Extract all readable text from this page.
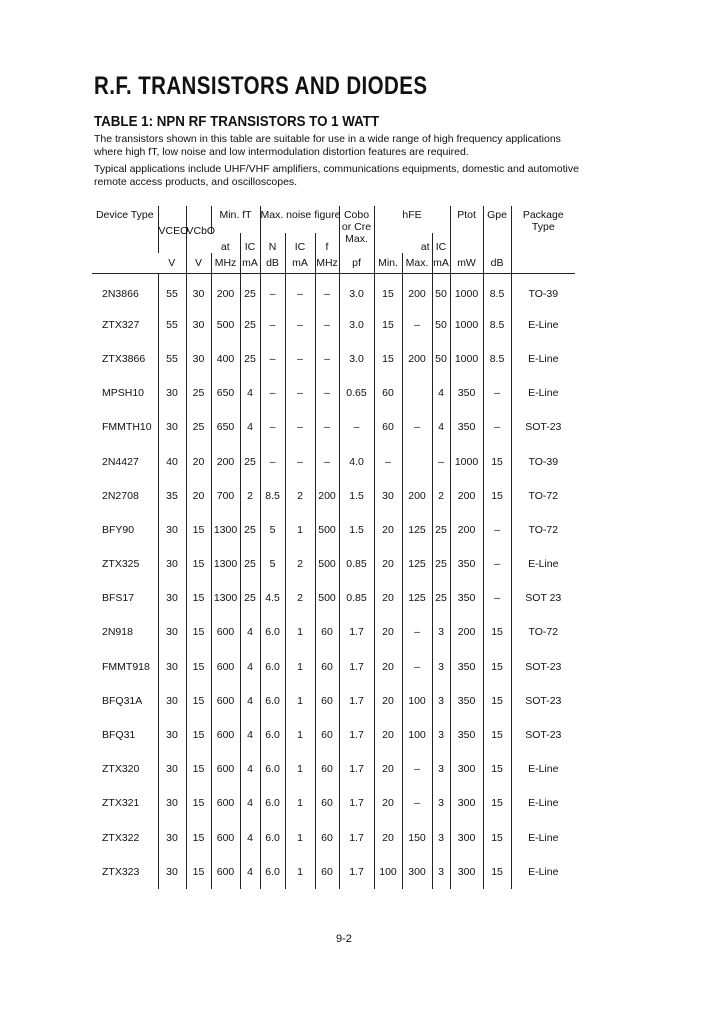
R.F. TRANSISTORS AND DIODES
TABLE 1: NPN RF TRANSISTORS TO 1 WATT

The transistors shown in this table are suitable for use in a wide range of high frequency applications where high fT, low noise and low intermodulation distortion features are required.

Typical applications include UHF/VHF amplifiers, communications equipments, domestic and automotive remote access products, and oscilloscopes.

Device Type	VCEO	VCbO	Min. fT		Max. noise figure			Cobo or Cre Max.	hFE			Ptot	Gpe	Package Type
			at	IC	N	IC	f		at		IC			
	V	V	MHz	mA	dB	mA	MHz	pf	Min.	Max.	mA	mW	dB	
2N3866	55	30	200	25	–	–	–	3.0	15	200	50	1000	8.5	TO-39
ZTX327	55	30	500	25	–	–	–	3.0	15	–	50	1000	8.5	E-Line
ZTX3866	55	30	400	25	–	–	–	3.0	15	200	50	1000	8.5	E-Line
MPSH10	30	25	650	4	–	–	–	0.65	60		4	350	–	E-Line
FMMTH10	30	25	650	4	–	–	–	–	60	–	4	350	–	SOT-23
2N4427	40	20	200	25	–	–	–	4.0	–		–	1000	15	TO-39
2N2708	35	20	700	2	8.5	2	200	1.5	30	200	2	200	15	TO-72
BFY90	30	15	1300	25	5	1	500	1.5	20	125	25	200	–	TO-72
ZTX325	30	15	1300	25	5	2	500	0.85	20	125	25	350	–	E-Line
BFS17	30	15	1300	25	4.5	2	500	0.85	20	125	25	350	–	SOT 23
2N918	30	15	600	4	6.0	1	60	1.7	20	–	3	200	15	TO-72
FMMT918	30	15	600	4	6.0	1	60	1.7	20	–	3	350	15	SOT-23
BFQ31A	30	15	600	4	6.0	1	60	1.7	20	100	3	350	15	SOT-23
BFQ31	30	15	600	4	6.0	1	60	1.7	20	100	3	350	15	SOT-23
ZTX320	30	15	600	4	6.0	1	60	1.7	20	–	3	300	15	E-Line
ZTX321	30	15	600	4	6.0	1	60	1.7	20	–	3	300	15	E-Line
ZTX322	30	15	600	4	6.0	1	60	1.7	20	150	3	300	15	E-Line
ZTX323	30	15	600	4	6.0	1	60	1.7	100	300	3	300	15	E-Line
9-2
